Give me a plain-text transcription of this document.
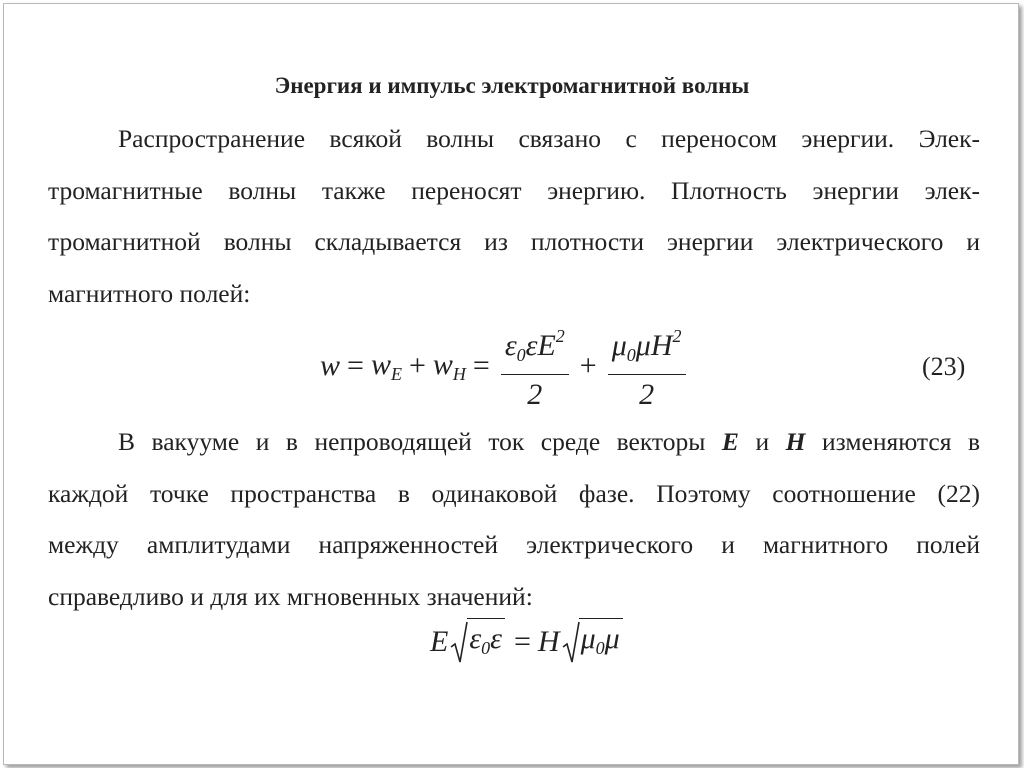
Энергия и импульс электромагнитной волны
Распространение всякой волны связано с переносом энергии. Элек-
тромагнитные волны также переносят энергию. Плотность энергии элек-
тромагнитной волны складывается из плотности энергии электрического и
магнитного полей:
$w = w_E + w_H = \frac{\varepsilon_0\varepsilon E^2}{2} + \frac{\mu_0\mu H^2}{2}$	(23)
В вакууме и в непроводящей ток среде векторы E и H изменяются в
каждой точке пространства в одинаковой фазе. Поэтому соотношение (22)
между амплитудами напряженностей электрического и магнитного полей
справедливо и для их мгновенных значений:
E $\varepsilon_0\varepsilon = H$ $\mu_0\mu$
